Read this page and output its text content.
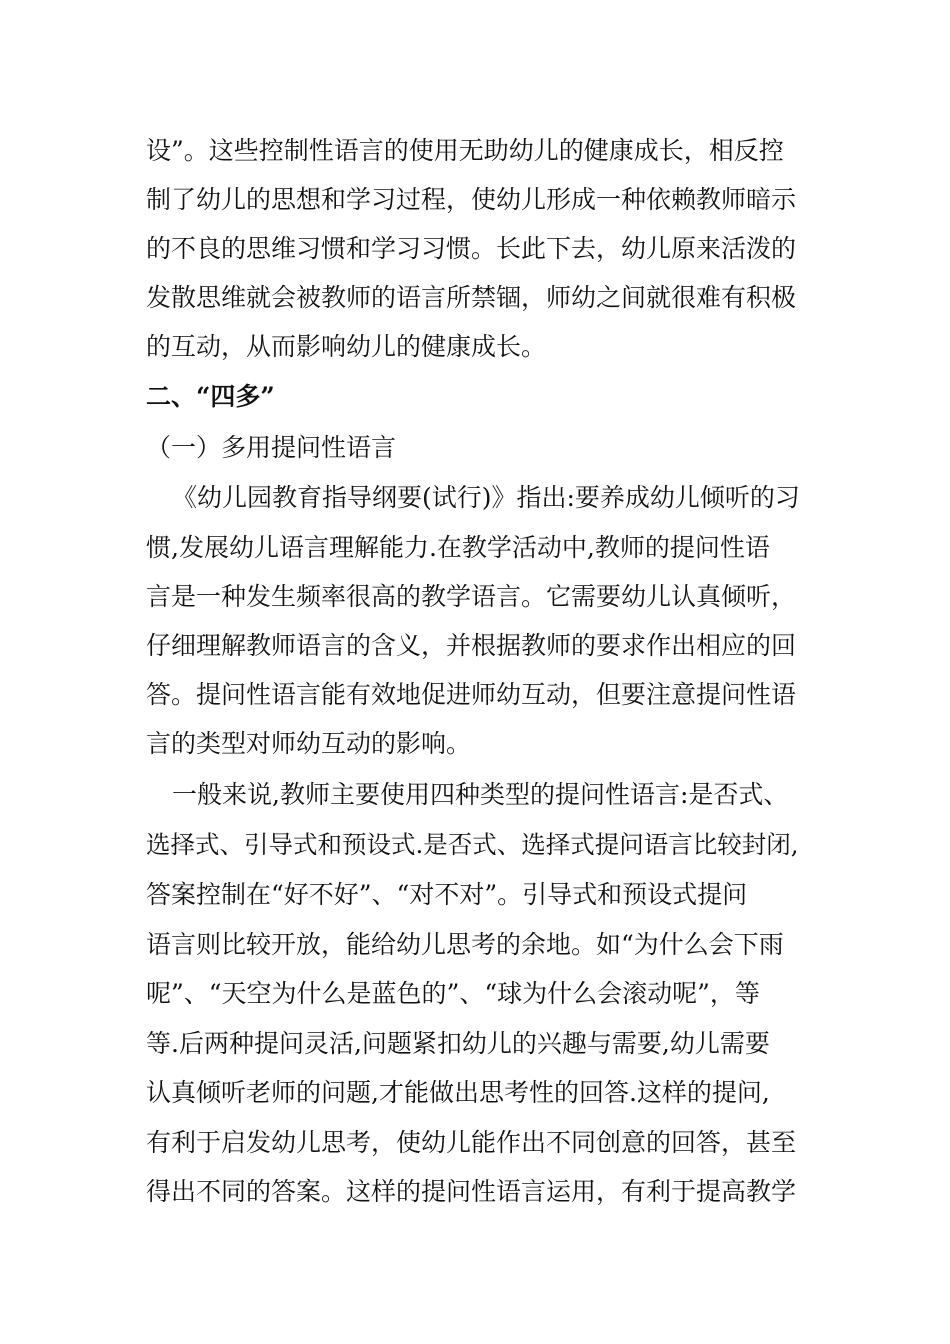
设”。这些控制性语言的使用无助幼儿的健康成长，相反控
制了幼儿的思想和学习过程，使幼儿形成一种依赖教师暗示
的不良的思维习惯和学习习惯。长此下去，幼儿原来活泼的
发散思维就会被教师的语言所禁锢，师幼之间就很难有积极
的互动，从而影响幼儿的健康成长。
二、“四多”
（一）多用提问性语言
《幼儿园教育指导纲要(试行)》指出:要养成幼儿倾听的习
惯,发展幼儿语言理解能力.在教学活动中,教师的提问性语
言是一种发生频率很高的教学语言。它需要幼儿认真倾听，
仔细理解教师语言的含义，并根据教师的要求作出相应的回
答。提问性语言能有效地促进师幼互动，但要注意提问性语
言的类型对师幼互动的影响。
一般来说,教师主要使用四种类型的提问性语言:是否式、
选择式、引导式和预设式.是否式、选择式提问语言比较封闭,
答案控制在“好不好”、“对不对”。引导式和预设式提问
语言则比较开放，能给幼儿思考的余地。如“为什么会下雨
呢”、“天空为什么是蓝色的”、“球为什么会滚动呢”，等
等.后两种提问灵活,问题紧扣幼儿的兴趣与需要,幼儿需要
认真倾听老师的问题,才能做出思考性的回答.这样的提问,
有利于启发幼儿思考，使幼儿能作出不同创意的回答，甚至
得出不同的答案。这样的提问性语言运用，有利于提高教学
